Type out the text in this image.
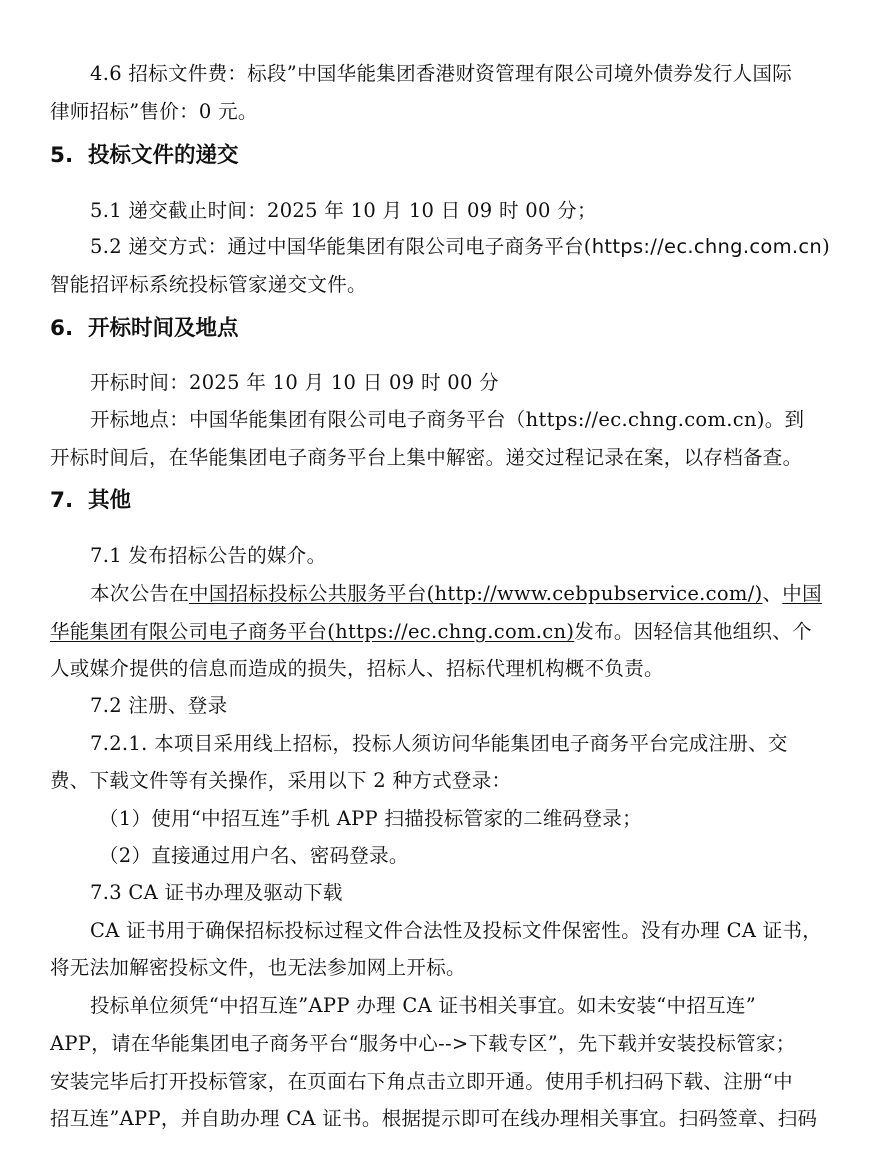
4.6 招标文件费：标段”中国华能集团香港财资管理有限公司境外债券发行人国际
律师招标”售价：0 元。
5. 投标文件的递交
5.1 递交截止时间：2025 年 10 月 10 日 09 时 00 分；
5.2 递交方式：通过中国华能集团有限公司电子商务平台(https://ec.chng.com.cn)
智能招评标系统投标管家递交文件。
6. 开标时间及地点
开标时间：2025 年 10 月 10 日 09 时 00 分
开标地点：中国华能集团有限公司电子商务平台（https://ec.chng.com.cn)。到
开标时间后，在华能集团电子商务平台上集中解密。递交过程记录在案，以存档备查。
7. 其他
7.1 发布招标公告的媒介。
本次公告在中国招标投标公共服务平台(http://www.cebpubservice.com/)、中国
华能集团有限公司电子商务平台(https://ec.chng.com.cn)发布。因轻信其他组织、个
人或媒介提供的信息而造成的损失，招标人、招标代理机构概不负责。
7.2 注册、登录
7.2.1. 本项目采用线上招标，投标人须访问华能集团电子商务平台完成注册、交
费、下载文件等有关操作，采用以下 2 种方式登录：
（1）使用“中招互连”手机 APP 扫描投标管家的二维码登录；
（2）直接通过用户名、密码登录。
7.3 CA 证书办理及驱动下载
CA 证书用于确保招标投标过程文件合法性及投标文件保密性。没有办理 CA 证书，
将无法加解密投标文件，也无法参加网上开标。
投标单位须凭“中招互连”APP 办理 CA 证书相关事宜。如未安装“中招互连”
APP，请在华能集团电子商务平台“服务中心-->下载专区”，先下载并安装投标管家；
安装完毕后打开投标管家，在页面右下角点击立即开通。使用手机扫码下载、注册“中
招互连”APP，并自助办理 CA 证书。根据提示即可在线办理相关事宜。扫码签章、扫码
